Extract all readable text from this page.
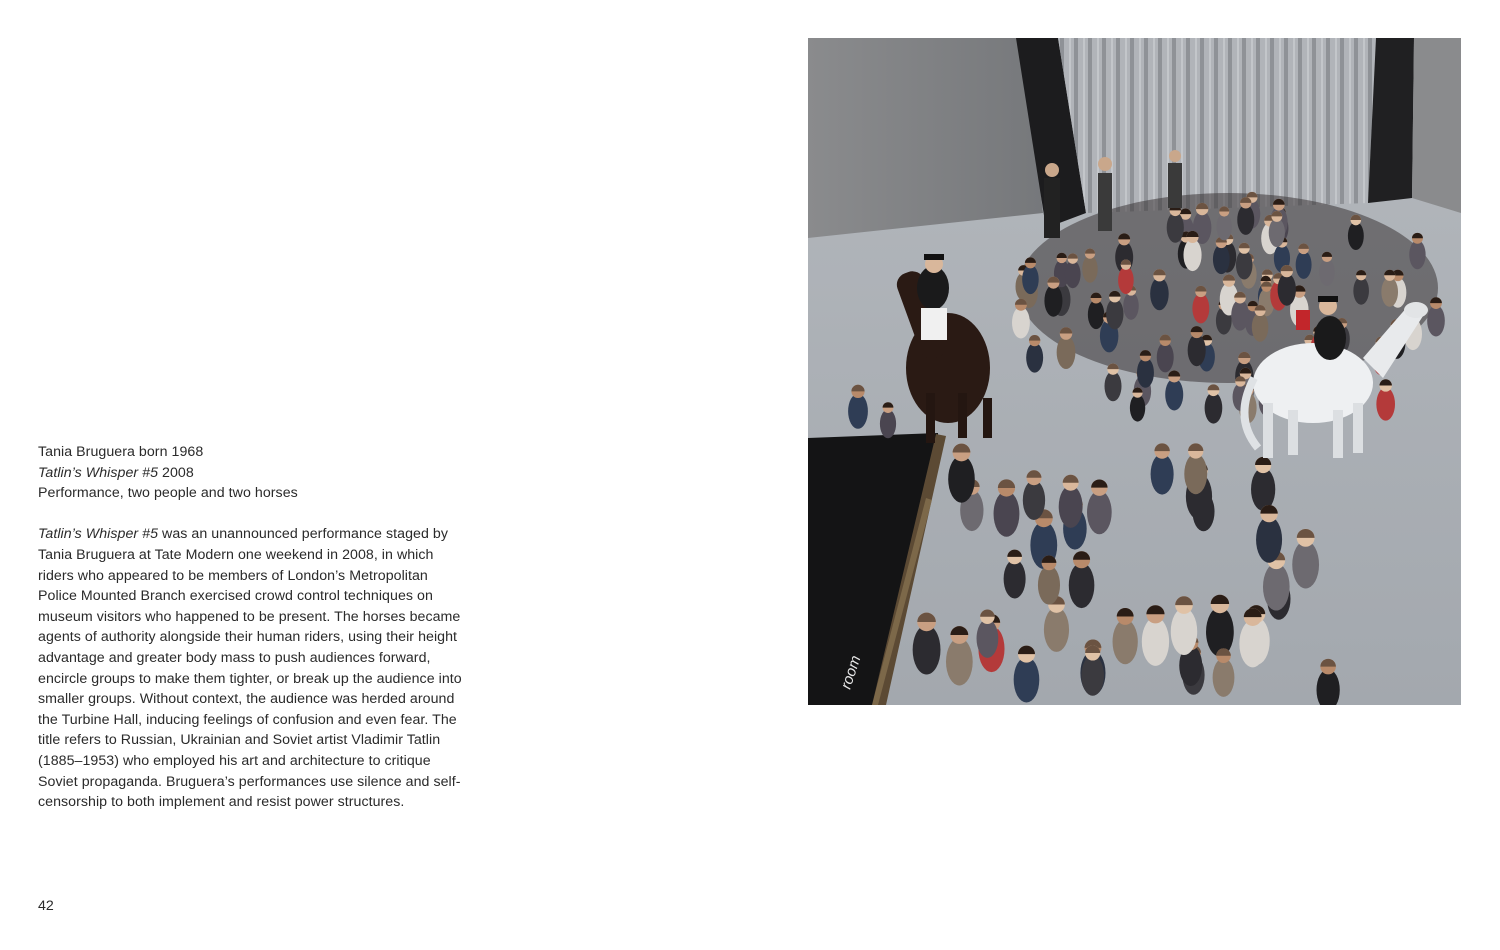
Tania Bruguera born 1968

Tatlin’s Whisper #5 2008

Performance, two people and two horses

Tatlin’s Whisper #5 was an unannounced performance staged by Tania Bruguera at Tate Modern one weekend in 2008, in which riders who appeared to be members of London’s Metropolitan Police Mounted Branch exercised crowd control techniques on museum visitors who happened to be present. The horses became agents of authority alongside their human riders, using their height advantage and greater body mass to push audiences forward, encircle groups to make them tighter, or break up the audience into smaller groups. Without context, the audience was herded around the Turbine Hall, inducing feelings of confusion and even fear. The title refers to Russian, Ukrainian and Soviet artist Vladimir Tatlin (1885–1953) who employed his art and architecture to critique Soviet propaganda. Bruguera’s performances use silence and self-censorship to both implement and resist power structures.

42
room
